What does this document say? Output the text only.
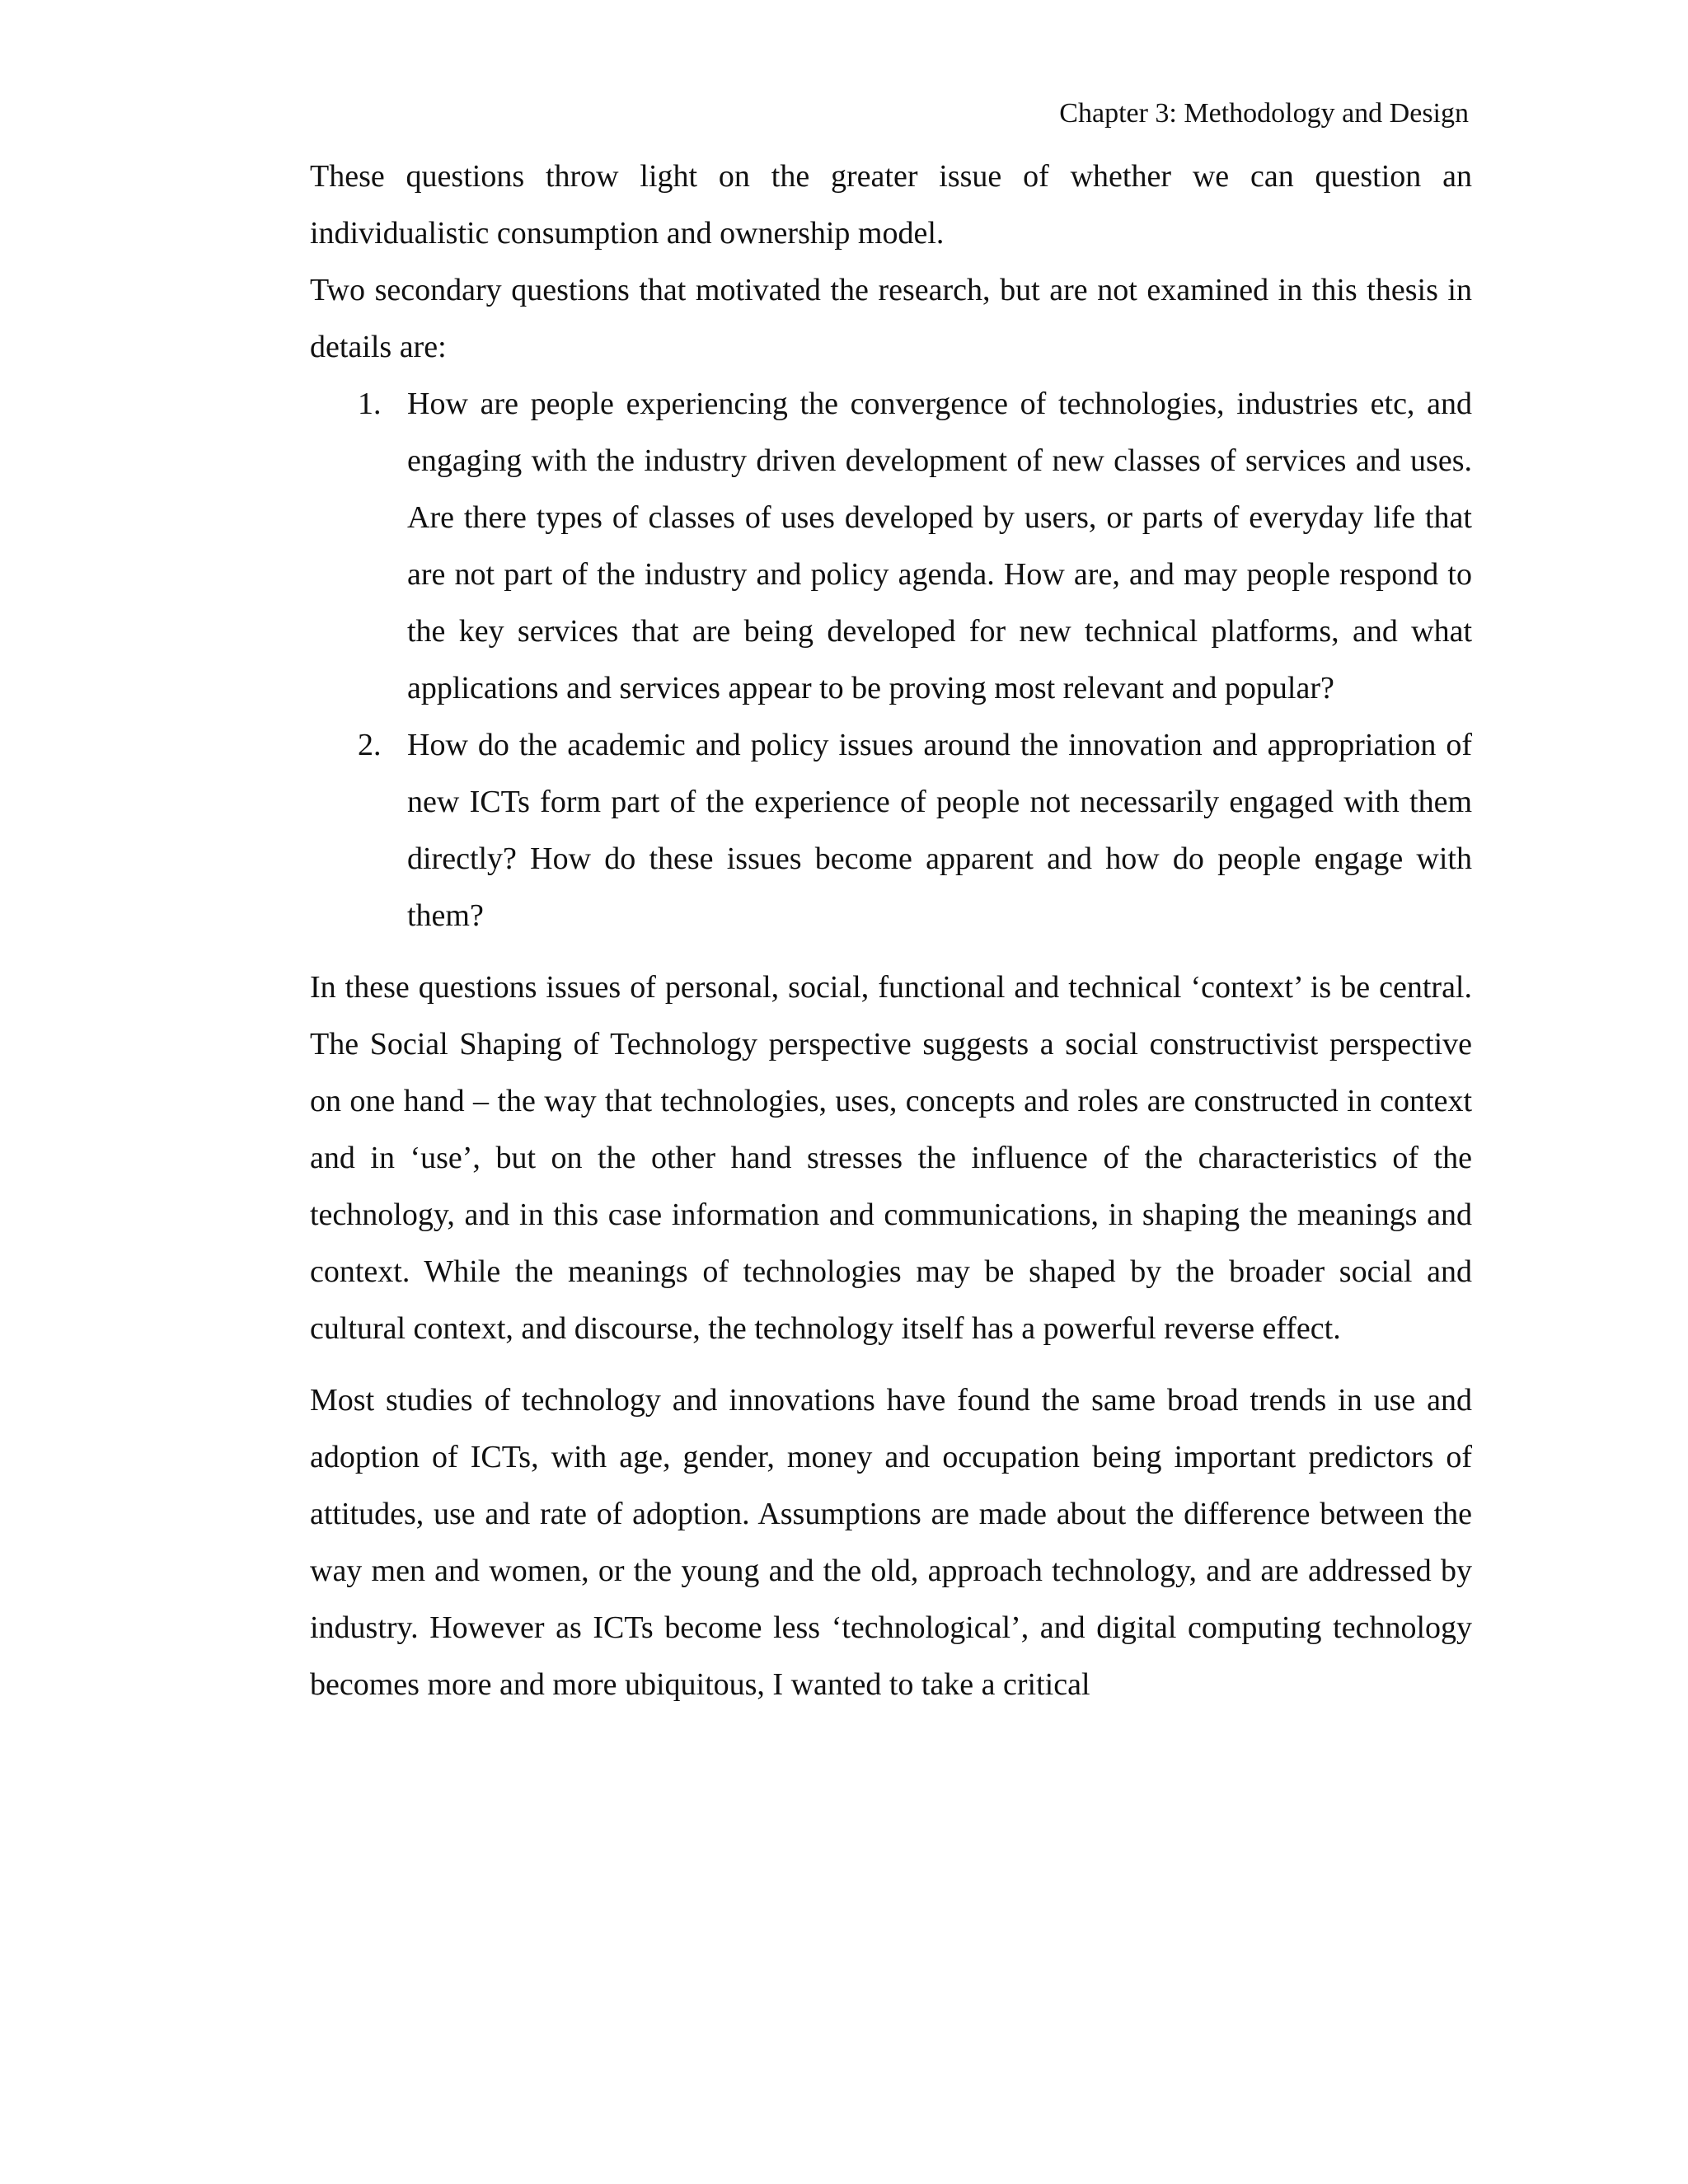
Chapter 3: Methodology and Design

These questions throw light on the greater issue of whether we can question an individualistic consumption and ownership model.

Two secondary questions that motivated the research, but are not examined in this thesis in details are:

1. How are people experiencing the convergence of technologies, industries etc, and engaging with the industry driven development of new classes of services and uses. Are there types of classes of uses developed by users, or parts of everyday life that are not part of the industry and policy agenda. How are, and may people respond to the key services that are being developed for new technical platforms, and what applications and services appear to be proving most relevant and popular?
2. How do the academic and policy issues around the innovation and appropriation of new ICTs form part of the experience of people not necessarily engaged with them directly? How do these issues become apparent and how do people engage with them?

In these questions issues of personal, social, functional and technical ‘context’ is be central. The Social Shaping of Technology perspective suggests a social constructivist perspective on one hand – the way that technologies, uses, concepts and roles are constructed in context and in ‘use’, but on the other hand stresses the influence of the characteristics of the technology, and in this case information and communications, in shaping the meanings and context. While the meanings of technologies may be shaped by the broader social and cultural context, and discourse, the technology itself has a powerful reverse effect.

Most studies of technology and innovations have found the same broad trends in use and adoption of ICTs, with age, gender, money and occupation being important predictors of attitudes, use and rate of adoption. Assumptions are made about the difference between the way men and women, or the young and the old, approach technology, and are addressed by industry. However as ICTs become less ‘technological’, and digital computing technology becomes more and more ubiquitous, I wanted to take a critical
